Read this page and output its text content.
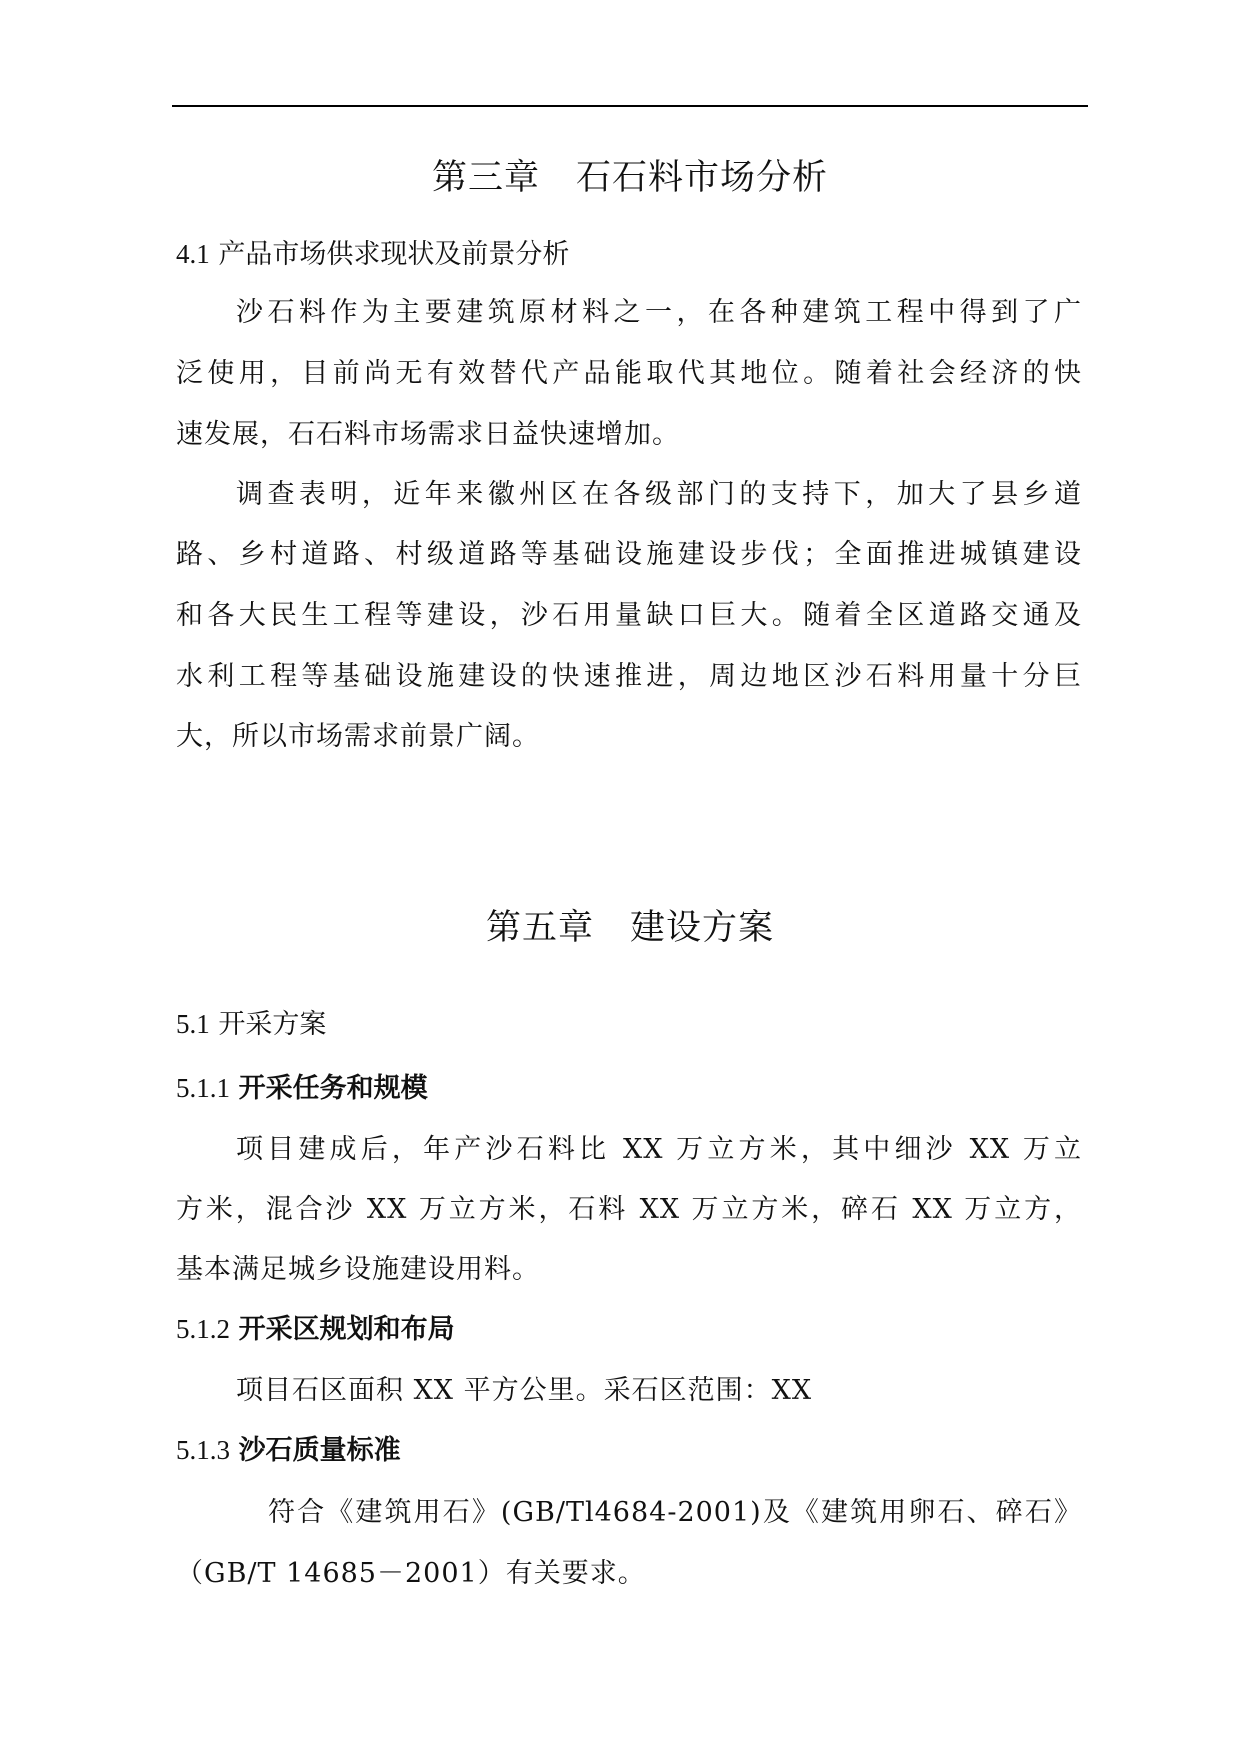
第三章　石石料市场分析
4.1 产品市场供求现状及前景分析
沙石料作为主要建筑原材料之一，在各种建筑工程中得到了广
泛使用，目前尚无有效替代产品能取代其地位。随着社会经济的快
速发展，石石料市场需求日益快速增加。
调查表明，近年来徽州区在各级部门的支持下，加大了县乡道
路、乡村道路、村级道路等基础设施建设步伐；全面推进城镇建设
和各大民生工程等建设，沙石用量缺口巨大。随着全区道路交通及
水利工程等基础设施建设的快速推进，周边地区沙石料用量十分巨
大，所以市场需求前景广阔。
第五章　建设方案
5.1 开采方案
5.1.1 开采任务和规模
项目建成后，年产沙石料比 XX 万立方米，其中细沙 XX 万立
方米，混合沙 XX 万立方米，石料 XX 万立方米，碎石 XX 万立方，
基本满足城乡设施建设用料。
5.1.2 开采区规划和布局
项目石区面积 XX 平方公里。采石区范围：XX
5.1.3 沙石质量标准
符合《建筑用石》(GB/Tl4684-2001)及《建筑用卵石、碎石》
（GB/T 14685－2001）有关要求。
